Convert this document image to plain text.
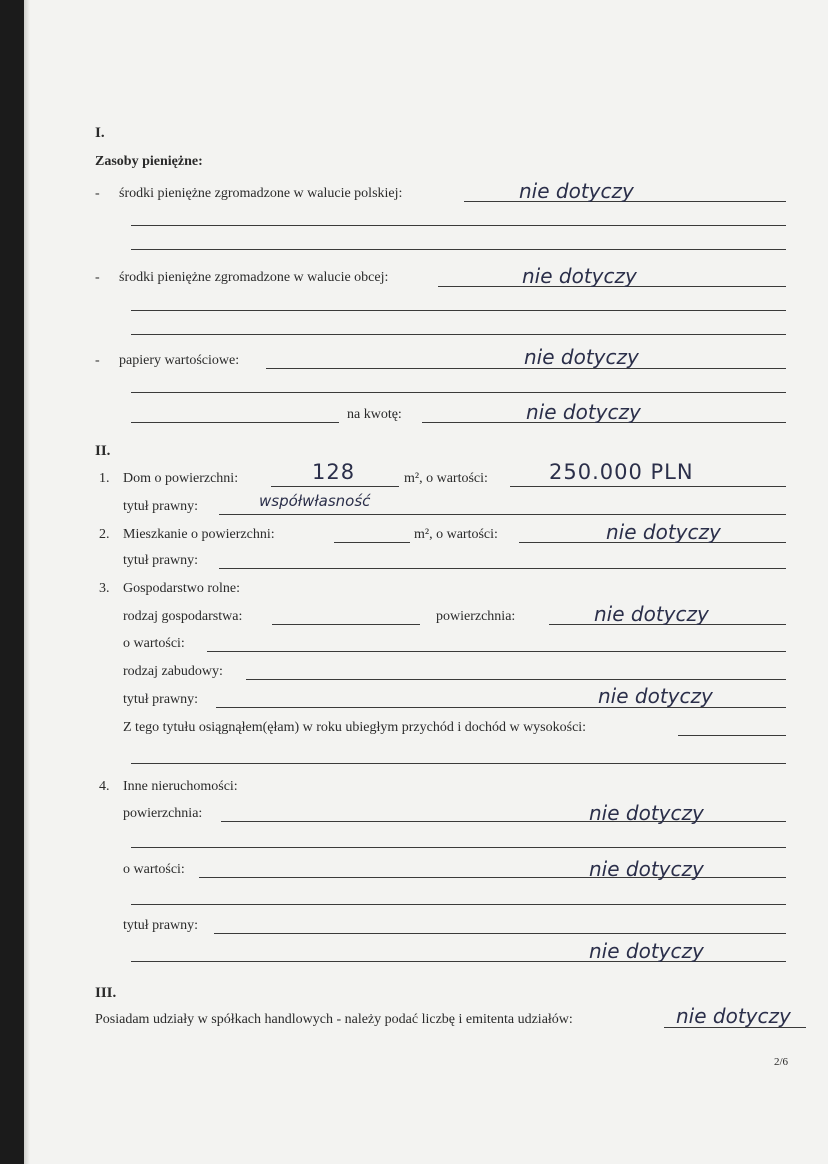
I.
Zasoby pieniężne:
- środki pieniężne zgromadzone w walucie polskiej:	nie dotyczy
- środki pieniężne zgromadzone w walucie obcej:	nie dotyczy
- papiery wartościowe:	nie dotyczy
na kwotę:	nie dotyczy
II.
1. Dom o powierzchni:	128	m², o wartości:	250.000 PLN
tytuł prawny:	współwłasność
2. Mieszkanie o powierzchni:	m², o wartości:	nie dotyczy
tytuł prawny:
3. Gospodarstwo rolne:
rodzaj gospodarstwa:	powierzchnia:	nie dotyczy
o wartości:
rodzaj zabudowy:
tytuł prawny:	nie dotyczy
Z tego tytułu osiągnąłem(ęłam) w roku ubiegłym przychód i dochód w wysokości:
4. Inne nieruchomości:
powierzchnia:	nie dotyczy
o wartości:	nie dotyczy
tytuł prawny:
nie dotyczy
III.
Posiadam udziały w spółkach handlowych - należy podać liczbę i emitenta udziałów:	nie dotyczy
2/6
